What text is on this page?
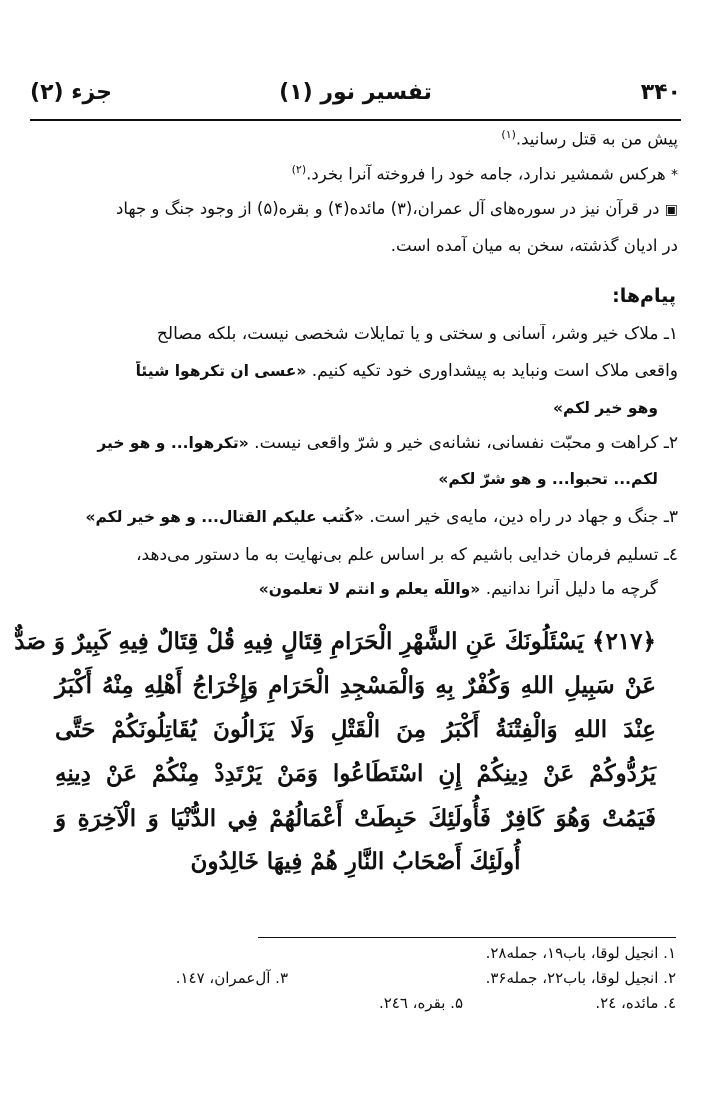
۳۴۰
تفسیر نور (۱)
جزء (۲)
پیش من به قتل رسانید.$^{(۱)}$
* هرکس شمشیر ندارد، جامه خود را فروخته آنرا بخرد.$^{(۲)}$
▣ در قرآن نیز در سوره‌های آل عمران،(۳) مائده(۴) و بقره(۵) از وجود جنگ و جهاد
در ادیان گذشته، سخن به میان آمده است.
پیام‌ها:
۱ـ ملاک خیر وشر، آسانی و سختی و یا تمایلات شخصی نیست، بلکه مصالح
واقعی ملاک است ونباید به پیشداوری خود تکیه کنیم. «عسی ان تکرهوا شیئاً
وهو خیر لکم»
۲ـ کراهت و محبّت نفسانی، نشانه‌ی خیر و شرّ واقعی نیست. «تکرهوا... و هو خیر
لکم... تحبوا... و هو شرّ لکم»
۳ـ جنگ و جهاد در راه دین، مایه‌ی خیر است. «کُتب علیکم القتال... و هو خیر لکم»
٤ـ تسلیم فرمان خدایی باشیم که بر اساس علم بی‌نهایت به ما دستور می‌دهد،
گرچه ما دلیل آنرا ندانیم. «واللّه یعلم و انتم لا تعلمون»
﴿۲۱۷﴾ يَسْئَلُونَكَ عَنِ الشَّهْرِ الْحَرَامِ قِتَالٍ فِيهِ قُلْ قِتَالٌ فِيهِ كَبِيرٌ وَ صَدٌّ
عَنْ سَبِيلِ اللهِ وَكُفْرٌ بِهِ وَالْمَسْجِدِ الْحَرَامِ وَإِخْرَاجُ أَهْلِهِ مِنْهُ أَكْبَرُ
عِنْدَ اللهِ وَالْفِتْنَةُ أَكْبَرُ مِنَ الْقَتْلِ وَلَا يَزَالُونَ يُقَاتِلُونَكُمْ حَتَّى
يَرُدُّوكُمْ عَنْ دِينِكُمْ إِنِ اسْتَطَاعُوا وَمَنْ يَرْتَدِدْ مِنْكُمْ عَنْ دِينِهِ
فَيَمُتْ وَهُوَ كَافِرٌ فَأُولَئِكَ حَبِطَتْ أَعْمَالُهُمْ فِي الدُّنْيَا وَ الْآخِرَةِ وَ
أُولَئِكَ أَصْحَابُ النَّارِ هُمْ فِيهَا خَالِدُونَ
۱. انجیل لوقا، باب۱۹، جمله۲۸.
۲. انجیل لوقا، باب۲۲، جمله۳۶.
۳. آل‌عمران، ۱٤۷.
٤. مائده، ۲٤.
۵. بقره، ۲٤٦.
